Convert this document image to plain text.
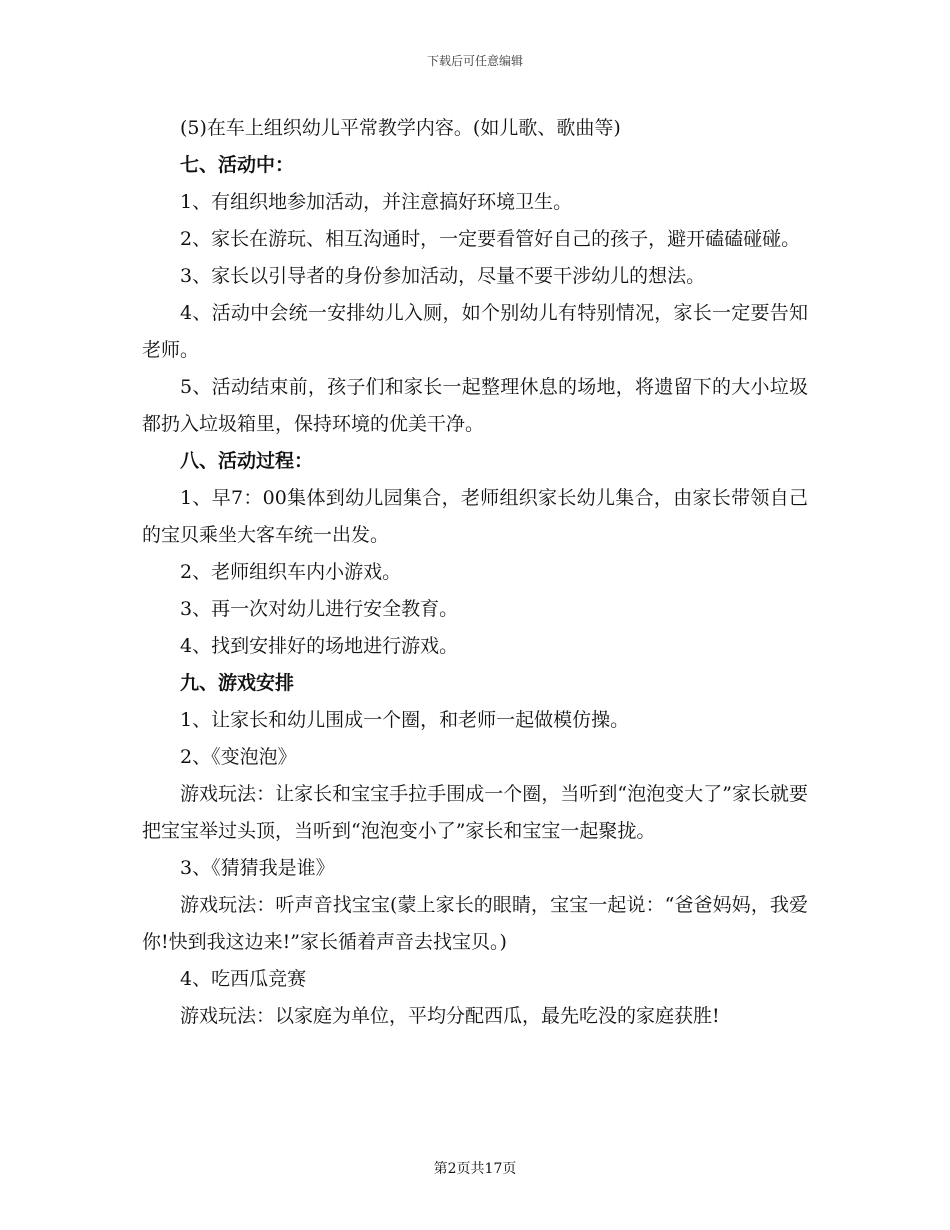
下载后可任意编辑

(5)在车上组织幼儿平常教学内容。(如儿歌、歌曲等)

七、活动中：

1、有组织地参加活动，并注意搞好环境卫生。

2、家长在游玩、相互沟通时，一定要看管好自己的孩子，避开磕磕碰碰。

3、家长以引导者的身份参加活动，尽量不要干涉幼儿的想法。

4、活动中会统一安排幼儿入厕，如个别幼儿有特别情况，家长一定要告知老师。

5、活动结束前，孩子们和家长一起整理休息的场地，将遗留下的大小垃圾都扔入垃圾箱里，保持环境的优美干净。

八、活动过程：

1、早7：00集体到幼儿园集合，老师组织家长幼儿集合，由家长带领自己的宝贝乘坐大客车统一出发。

2、老师组织车内小游戏。

3、再一次对幼儿进行安全教育。

4、找到安排好的场地进行游戏。

九、游戏安排

1、让家长和幼儿围成一个圈，和老师一起做模仿操。

2、《变泡泡》

游戏玩法：让家长和宝宝手拉手围成一个圈，当听到“泡泡变大了”家长就要把宝宝举过头顶，当听到“泡泡变小了”家长和宝宝一起聚拢。

3、《猜猜我是谁》

游戏玩法：听声音找宝宝(蒙上家长的眼睛，宝宝一起说：“爸爸妈妈，我爱你!快到我这边来!”家长循着声音去找宝贝。)

4、吃西瓜竞赛

游戏玩法：以家庭为单位，平均分配西瓜，最先吃没的家庭获胜!

第2页共17页
